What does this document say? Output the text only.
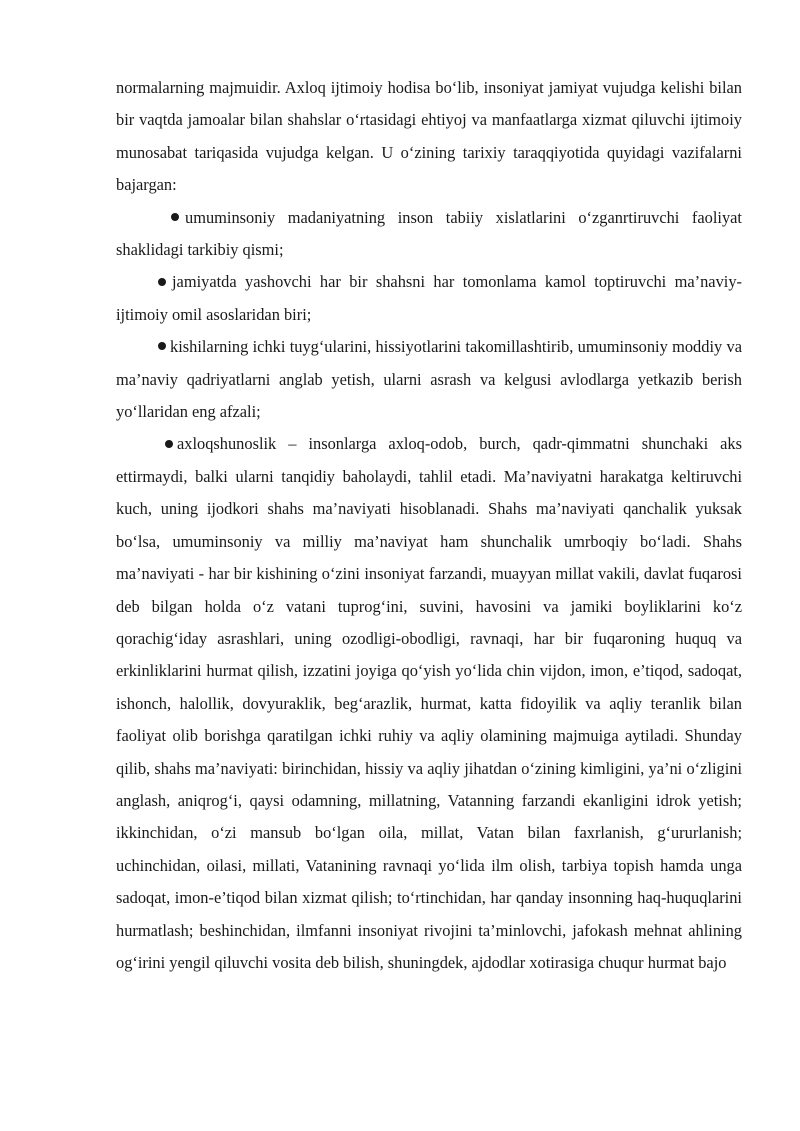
normalarning majmuidir. Axloq ijtimoiy hodisa bo‘lib, insoniyat jamiyat vujudga kelishi bilan bir vaqtda jamoalar bilan shahslar o‘rtasidagi ehtiyoj va manfaatlarga xizmat qiluvchi ijtimoiy munosabat tariqasida vujudga kelgan. U o‘zining tarixiy taraqqiyotida quyidagi vazifalarni bajargan:

umuminsoniy madaniyatning inson tabiiy xislatlarini o‘zganrtiruvchi faoliyat shaklidagi tarkibiy qismi;

jamiyatda yashovchi har bir shahsni har tomonlama kamol toptiruvchi ma’naviy-ijtimoiy omil asoslaridan biri;

kishilarning ichki tuyg‘ularini, hissiyotlarini takomillashtirib, umuminsoniy moddiy va ma’naviy qadriyatlarni anglab yetish, ularni asrash va kelgusi avlodlarga yetkazib berish yo‘llaridan eng afzali;

axloqshunoslik – insonlarga axloq-odob, burch, qadr-qimmatni shunchaki aks ettirmaydi, balki ularni tanqidiy baholaydi, tahlil etadi. Ma’naviyatni harakatga keltiruvchi kuch, uning ijodkori shahs ma’naviyati hisoblanadi. Shahs ma’naviyati qanchalik yuksak bo‘lsa, umuminsoniy va milliy ma’naviyat ham shunchalik umrboqiy bo‘ladi. Shahs ma’naviyati - har bir kishining o‘zini insoniyat farzandi, muayyan millat vakili, davlat fuqarosi deb bilgan holda o‘z vatani tuprog‘ini, suvini, havosini va jamiki boyliklarini ko‘z qorachig‘iday asrashlari, uning ozodligi-obodligi, ravnaqi, har bir fuqaroning huquq va erkinliklarini hurmat qilish, izzatini joyiga qo‘yish yo‘lida chin vijdon, imon, e’tiqod, sadoqat, ishonch, halollik, dovyuraklik, beg‘arazlik, hurmat, katta fidoyilik va aqliy teranlik bilan faoliyat olib borishga qaratilgan ichki ruhiy va aqliy olamining majmuiga aytiladi. Shunday qilib, shahs ma’naviyati: birinchidan, hissiy va aqliy jihatdan o‘zining kimligini, ya’ni o‘zligini anglash, aniqrog‘i, qaysi odamning, millatning, Vatanning farzandi ekanligini idrok yetish; ikkinchidan, o‘zi mansub bo‘lgan oila, millat, Vatan bilan faxrlanish, g‘ururlanish; uchinchidan, oilasi, millati, Vatanining ravnaqi yo‘lida ilm olish, tarbiya topish hamda unga sadoqat, imon-e’tiqod bilan xizmat qilish; to‘rtinchidan, har qanday insonning haq-huquqlarini hurmatlash; beshinchidan, ilmfanni insoniyat rivojini ta’minlovchi, jafokash mehnat ahlining og‘irini yengil qiluvchi vosita deb bilish, shuningdek, ajdodlar xotirasiga chuqur hurmat bajo
